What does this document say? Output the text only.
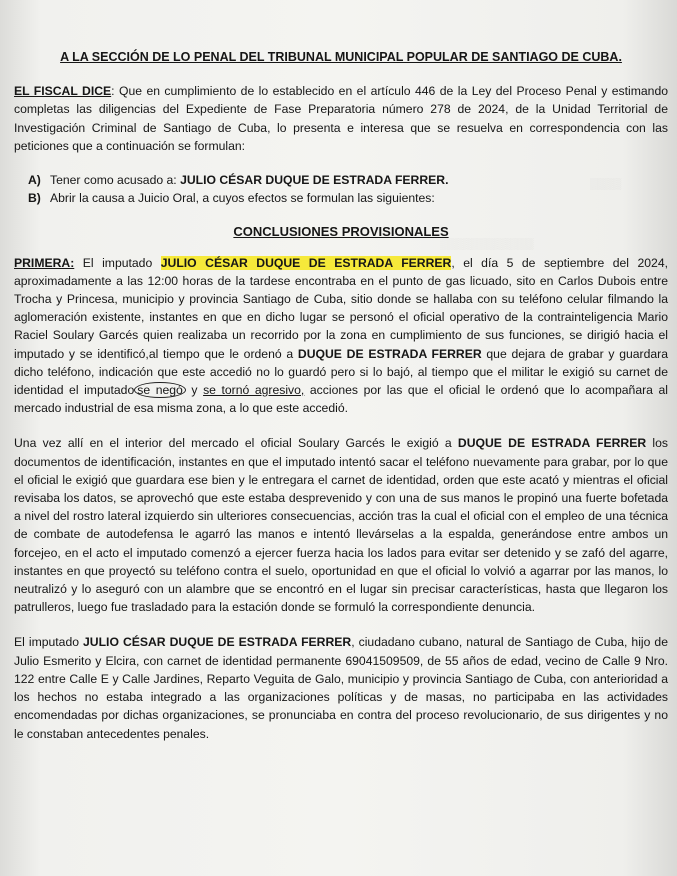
▒▒▒▒
▒▒▒▒▒▒▒▒▒▒▒▒
A LA SECCIÓN DE LO PENAL DEL TRIBUNAL MUNICIPAL POPULAR DE SANTIAGO DE CUBA.

EL FISCAL DICE: Que en cumplimiento de lo establecido en el artículo 446 de la Ley del Proceso Penal y estimando completas las diligencias del Expediente de Fase Preparatoria número 278 de 2024, de la Unidad Territorial de Investigación Criminal de Santiago de Cuba, lo presenta e interesa que se resuelva en correspondencia con las peticiones que a continuación se formulan:

A) Tener como acusado a: JULIO CÉSAR DUQUE DE ESTRADA FERRER.
B) Abrir la causa a Juicio Oral, a cuyos efectos se formulan las siguientes:
CONCLUSIONES PROVISIONALES

PRIMERA: El imputado JULIO CÉSAR DUQUE DE ESTRADA FERRER, el día 5 de septiembre del 2024, aproximadamente a las 12:00 horas de la tardese encontraba en el punto de gas licuado, sito en Carlos Dubois entre Trocha y Princesa, municipio y provincia Santiago de Cuba, sitio donde se hallaba con su teléfono celular filmando la aglomeración existente, instantes en que en dicho lugar se personó el oficial operativo de la contrainteligencia Mario Raciel Soulary Garcés quien realizaba un recorrido por la zona en cumplimiento de sus funciones, se dirigió hacia el imputado y se identificó,al tiempo que le ordenó a DUQUE DE ESTRADA FERRER que dejara de grabar y guardara dicho teléfono, indicación que este accedió no lo guardó pero si lo bajó, al tiempo que el militar le exigió su carnet de identidad el imputado se negó y se tornó agresivo, acciones por las que el oficial le ordenó que lo acompañara al mercado industrial de esa misma zona, a lo que este accedió.

Una vez allí en el interior del mercado el oficial Soulary Garcés le exigió a DUQUE DE ESTRADA FERRER los documentos de identificación, instantes en que el imputado intentó sacar el teléfono nuevamente para grabar, por lo que el oficial le exigió que guardara ese bien y le entregara el carnet de identidad, orden que este acató y mientras el oficial revisaba los datos, se aprovechó que este estaba desprevenido y con una de sus manos le propinó una fuerte bofetada a nivel del rostro lateral izquierdo sin ulteriores consecuencias, acción tras la cual el oficial con el empleo de una técnica de combate de autodefensa le agarró las manos e intentó llevárselas a la espalda, generándose entre ambos un forcejeo, en el acto el imputado comenzó a ejercer fuerza hacia los lados para evitar ser detenido y se zafó del agarre, instantes en que proyectó su teléfono contra el suelo, oportunidad en que el oficial lo volvió a agarrar por las manos, lo neutralizó y lo aseguró con un alambre que se encontró en el lugar sin precisar características, hasta que llegaron los patrulleros, luego fue trasladado para la estación donde se formuló la correspondiente denuncia.

El imputado JULIO CÉSAR DUQUE DE ESTRADA FERRER, ciudadano cubano, natural de Santiago de Cuba, hijo de Julio Esmerito y Elcira, con carnet de identidad permanente 69041509509, de 55 años de edad, vecino de Calle 9 Nro. 122 entre Calle E y Calle Jardines, Reparto Veguita de Galo, municipio y provincia Santiago de Cuba, con anterioridad a los hechos no estaba integrado a las organizaciones políticas y de masas, no participaba en las actividades encomendadas por dichas organizaciones, se pronunciaba en contra del proceso revolucionario, de sus dirigentes y no le constaban antecedentes penales.
